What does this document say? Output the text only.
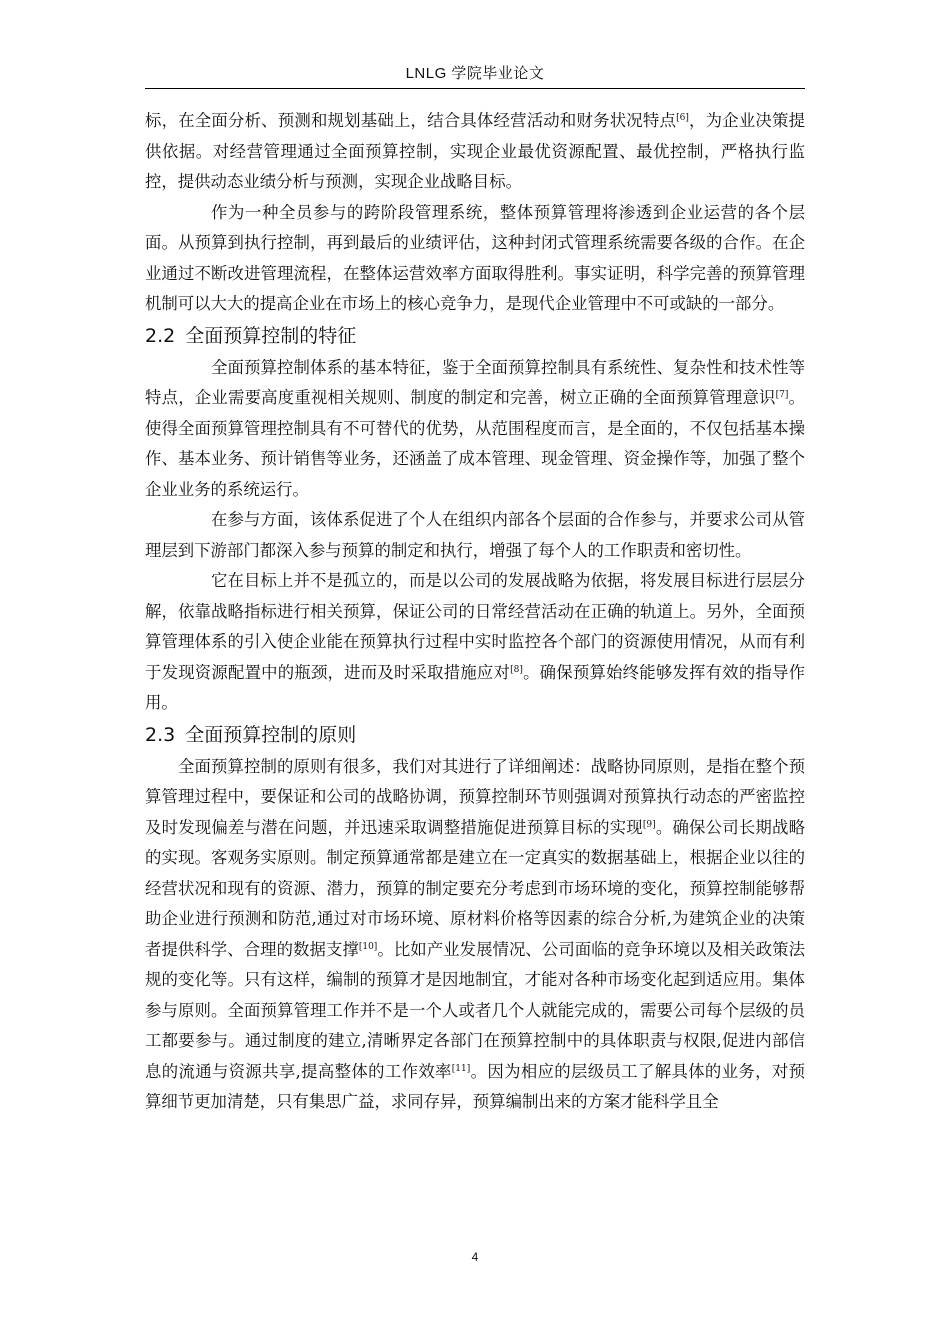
LNLG 学院毕业论文

标，在全面分析、预测和规划基础上，结合具体经营活动和财务状况特点[6]，为企业决策提供依据。对经营管理通过全面预算控制，实现企业最优资源配置、最优控制，严格执行监控，提供动态业绩分析与预测，实现企业战略目标。

作为一种全员参与的跨阶段管理系统，整体预算管理将渗透到企业运营的各个层面。从预算到执行控制，再到最后的业绩评估，这种封闭式管理系统需要各级的合作。在企业通过不断改进管理流程，在整体运营效率方面取得胜利。事实证明，科学完善的预算管理机制可以大大的提高企业在市场上的核心竞争力，是现代企业管理中不可或缺的一部分。

2.2 全面预算控制的特征

全面预算控制体系的基本特征，鉴于全面预算控制具有系统性、复杂性和技术性等特点，企业需要高度重视相关规则、制度的制定和完善，树立正确的全面预算管理意识[7]。使得全面预算管理控制具有不可替代的优势，从范围程度而言，是全面的，不仅包括基本操作、基本业务、预计销售等业务，还涵盖了成本管理、现金管理、资金操作等，加强了整个企业业务的系统运行。

在参与方面，该体系促进了个人在组织内部各个层面的合作参与，并要求公司从管理层到下游部门都深入参与预算的制定和执行，增强了每个人的工作职责和密切性。

它在目标上并不是孤立的，而是以公司的发展战略为依据，将发展目标进行层层分解，依靠战略指标进行相关预算，保证公司的日常经营活动在正确的轨道上。另外，全面预算管理体系的引入使企业能在预算执行过程中实时监控各个部门的资源使用情况，从而有利于发现资源配置中的瓶颈，进而及时采取措施应对[8]。确保预算始终能够发挥有效的指导作用。

2.3 全面预算控制的原则

全面预算控制的原则有很多，我们对其进行了详细阐述：战略协同原则，是指在整个预算管理过程中，要保证和公司的战略协调，预算控制环节则强调对预算执行动态的严密监控及时发现偏差与潜在问题，并迅速采取调整措施促进预算目标的实现[9]。确保公司长期战略的实现。客观务实原则。制定预算通常都是建立在一定真实的数据基础上，根据企业以往的经营状况和现有的资源、潜力，预算的制定要充分考虑到市场环境的变化，预算控制能够帮助企业进行预测和防范,通过对市场环境、原材料价格等因素的综合分析,为建筑企业的决策者提供科学、合理的数据支撑[10]。比如产业发展情况、公司面临的竞争环境以及相关政策法规的变化等。只有这样，编制的预算才是因地制宜，才能对各种市场变化起到适应用。集体参与原则。全面预算管理工作并不是一个人或者几个人就能完成的，需要公司每个层级的员工都要参与。通过制度的建立,清晰界定各部门在预算控制中的具体职责与权限,促进内部信息的流通与资源共享,提高整体的工作效率[11]。因为相应的层级员工了解具体的业务，对预算细节更加清楚，只有集思广益，求同存异，预算编制出来的方案才能科学且全

4
